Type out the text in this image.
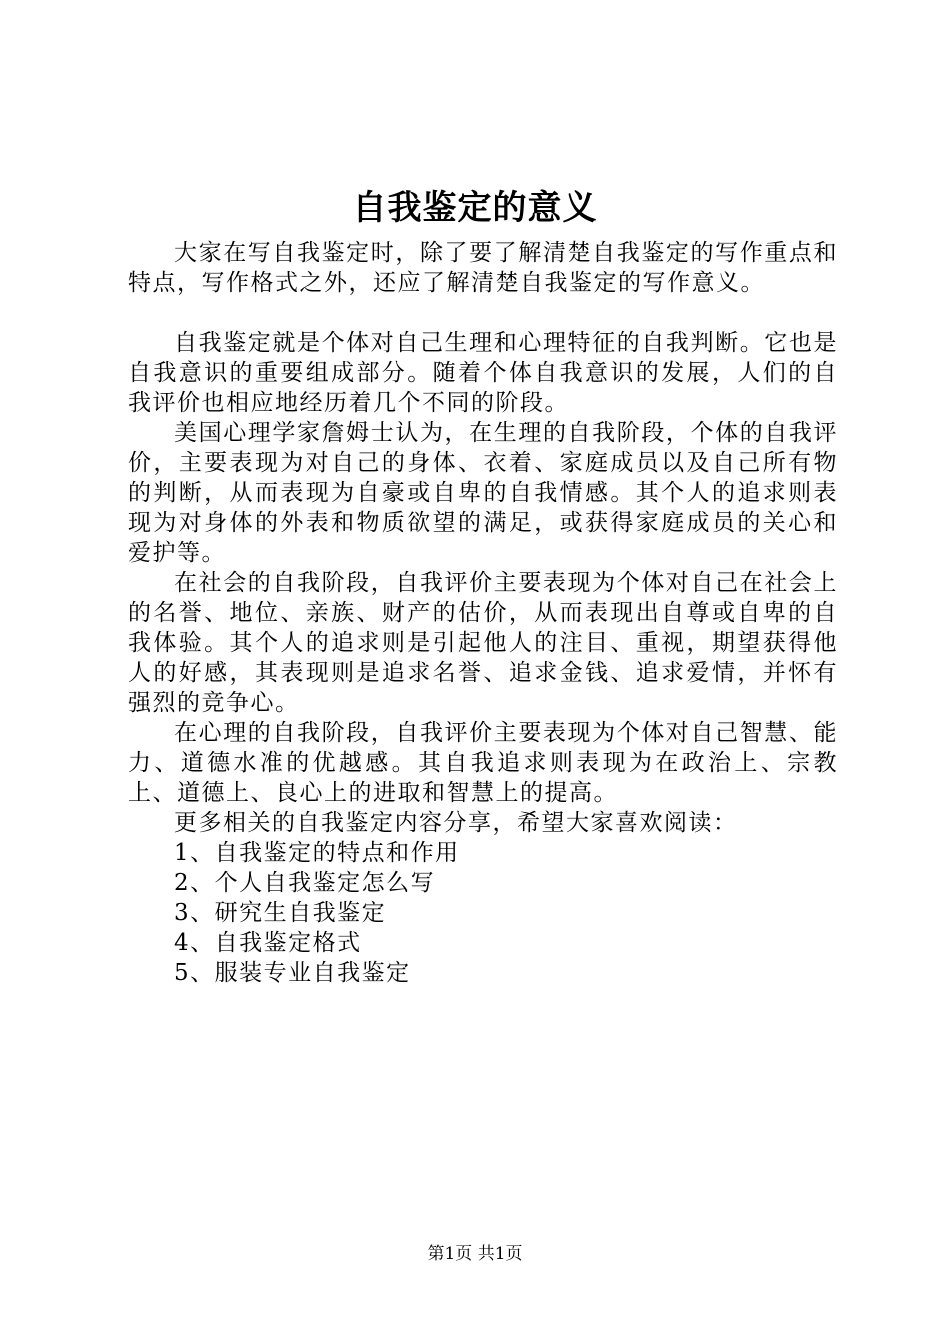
自我鉴定的意义

大家在写自我鉴定时，除了要了解清楚自我鉴定的写作重点和特点，写作格式之外，还应了解清楚自我鉴定的写作意义。

自我鉴定就是个体对自己生理和心理特征的自我判断。它也是自我意识的重要组成部分。随着个体自我意识的发展，人们的自我评价也相应地经历着几个不同的阶段。

美国心理学家詹姆士认为，在生理的自我阶段，个体的自我评价，主要表现为对自己的身体、衣着、家庭成员以及自己所有物的判断，从而表现为自豪或自卑的自我情感。其个人的追求则表现为对身体的外表和物质欲望的满足，或获得家庭成员的关心和爱护等。

在社会的自我阶段，自我评价主要表现为个体对自己在社会上的名誉、地位、亲族、财产的估价，从而表现出自尊或自卑的自我体验。其个人的追求则是引起他人的注目、重视，期望获得他人的好感，其表现则是追求名誉、追求金钱、追求爱情，并怀有强烈的竞争心。

在心理的自我阶段，自我评价主要表现为个体对自己智慧、能力、道德水准的优越感。其自我追求则表现为在政治上、宗教上、道德上、良心上的进取和智慧上的提高。

更多相关的自我鉴定内容分享，希望大家喜欢阅读：

1、自我鉴定的特点和作用
2、个人自我鉴定怎么写
3、研究生自我鉴定
4、自我鉴定格式
5、服装专业自我鉴定
第1页 共1页
